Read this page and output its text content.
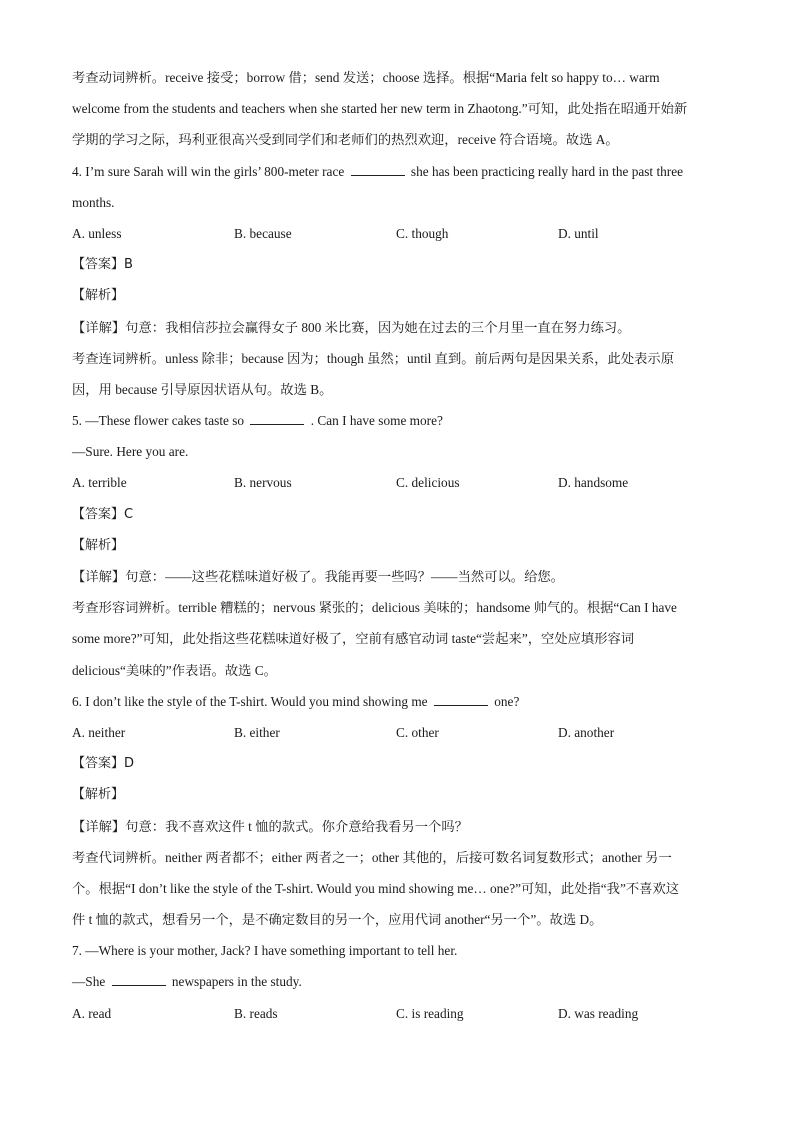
考查动词辨析。receive 接受；borrow 借；send 发送；choose 选择。根据“Maria felt so happy to… warm
welcome from the students and teachers when she started her new term in Zhaotong.”可知，此处指在昭通开始新
学期的学习之际，玛利亚很高兴受到同学们和老师们的热烈欢迎，receive 符合语境。故选 A。
4. I’m sure Sarah will win the girls’ 800-meter race	she has been practicing really hard in the past three
months.
A. unless	B. because	C. though	D. until
【答案】B
【解析】
【详解】句意：我相信莎拉会赢得女子 800 米比赛，因为她在过去的三个月里一直在努力练习。
考查连词辨析。unless 除非；because 因为；though 虽然；until 直到。前后两句是因果关系，此处表示原
因，用 because 引导原因状语从句。故选 B。
5. —These flower cakes taste so	. Can I have some more?
—Sure. Here you are.
A. terrible	B. nervous	C. delicious	D. handsome
【答案】C
【解析】
【详解】句意：——这些花糕味道好极了。我能再要一些吗？——当然可以。给您。
考查形容词辨析。terrible 糟糕的；nervous 紧张的；delicious 美味的；handsome 帅气的。根据“Can I have
some more?”可知，此处指这些花糕味道好极了，空前有感官动词 taste“尝起来”，空处应填形容词
delicious“美味的”作表语。故选 C。
6. I don’t like the style of the T-shirt. Would you mind showing me	one?
A. neither	B. either	C. other	D. another
【答案】D
【解析】
【详解】句意：我不喜欢这件 t 恤的款式。你介意给我看另一个吗？
考查代词辨析。neither 两者都不；either 两者之一；other 其他的，后接可数名词复数形式；another 另一
个。根据“I don’t like the style of the T-shirt. Would you mind showing me… one?”可知，此处指“我”不喜欢这
件 t 恤的款式，想看另一个，是不确定数目的另一个，应用代词 another“另一个”。故选 D。
7. —Where is your mother, Jack? I have something important to tell her.
—She	newspapers in the study.
A. read	B. reads	C. is reading	D. was reading
